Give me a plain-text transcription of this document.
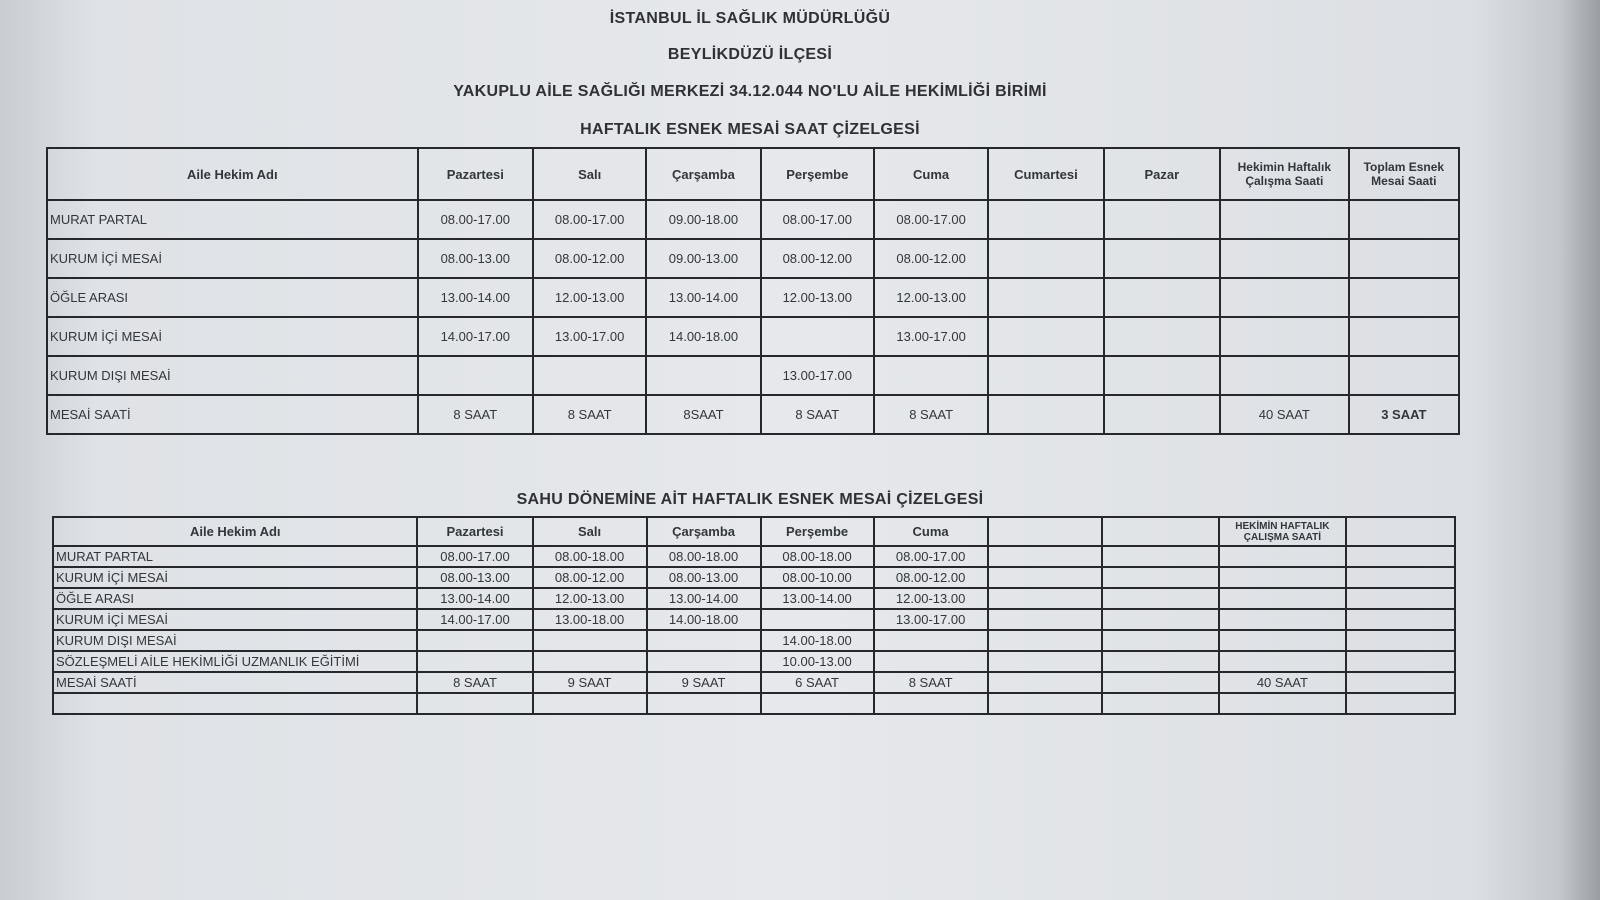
İSTANBUL İL SAĞLIK MÜDÜRLÜĞÜ
BEYLİKDÜZÜ İLÇESİ
YAKUPLU AİLE SAĞLIĞI MERKEZİ 34.12.044 NO'LU AİLE HEKİMLİĞİ BİRİMİ
HAFTALIK ESNEK MESAİ SAAT ÇİZELGESİ
Aile Hekim Adı	Pazartesi	Salı	Çarşamba	Perşembe	Cuma	Cumartesi	Pazar	Hekimin Haftalık Çalışma Saati	Toplam Esnek Mesai Saati
MURAT PARTAL	08.00-17.00	08.00-17.00	09.00-18.00	08.00-17.00	08.00-17.00				
KURUM İÇİ MESAİ	08.00-13.00	08.00-12.00	09.00-13.00	08.00-12.00	08.00-12.00				
ÖĞLE ARASI	13.00-14.00	12.00-13.00	13.00-14.00	12.00-13.00	12.00-13.00				
KURUM İÇİ MESAİ	14.00-17.00	13.00-17.00	14.00-18.00		13.00-17.00				
KURUM DIŞI MESAİ				13.00-17.00					
MESAİ SAATİ	8 SAAT	8 SAAT	8SAAT	8 SAAT	8 SAAT			40 SAAT	3 SAAT
SAHU DÖNEMİNE AİT HAFTALIK ESNEK MESAİ ÇİZELGESİ
Aile Hekim Adı	Pazartesi	Salı	Çarşamba	Perşembe	Cuma			HEKİMİN HAFTALIK ÇALIŞMA SAATİ	
MURAT PARTAL	08.00-17.00	08.00-18.00	08.00-18.00	08.00-18.00	08.00-17.00				
KURUM İÇİ MESAİ	08.00-13.00	08.00-12.00	08.00-13.00	08.00-10.00	08.00-12.00				
ÖĞLE ARASI	13.00-14.00	12.00-13.00	13.00-14.00	13.00-14.00	12.00-13.00				
KURUM İÇİ MESAİ	14.00-17.00	13.00-18.00	14.00-18.00		13.00-17.00				
KURUM DIŞI MESAİ				14.00-18.00					
SÖZLEŞMELİ AİLE HEKİMLİĞİ UZMANLIK EĞİTİMİ				10.00-13.00					
MESAİ SAATİ	8 SAAT	9 SAAT	9 SAAT	6 SAAT	8 SAAT			40 SAAT	
